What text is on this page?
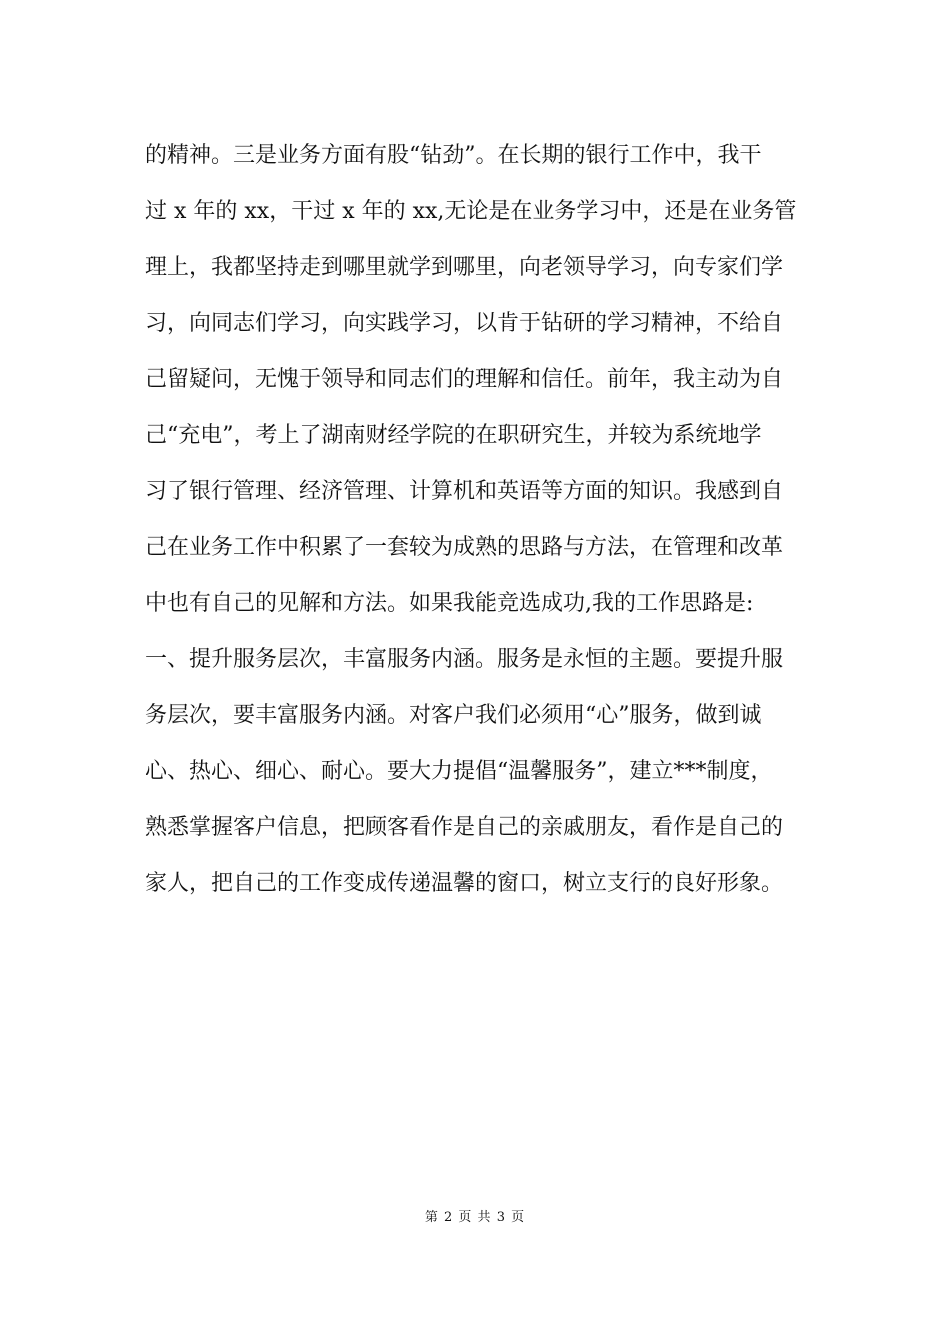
的精神。三是业务方面有股“钻劲”。在长期的银行工作中，我干
过 x 年的 xx，干过 x 年的 xx,无论是在业务学习中，还是在业务管
理上，我都坚持走到哪里就学到哪里，向老领导学习，向专家们学
习，向同志们学习，向实践学习，以肯于钻研的学习精神，不给自
己留疑问，无愧于领导和同志们的理解和信任。前年，我主动为自
己“充电”，考上了湖南财经学院的在职研究生，并较为系统地学
习了银行管理、经济管理、计算机和英语等方面的知识。我感到自
己在业务工作中积累了一套较为成熟的思路与方法，在管理和改革
中也有自己的见解和方法。如果我能竞选成功,我的工作思路是:
一、提升服务层次，丰富服务内涵。服务是永恒的主题。要提升服
务层次，要丰富服务内涵。对客户我们必须用“心”服务，做到诚
心、热心、细心、耐心。要大力提倡“温馨服务”，建立***制度，
熟悉掌握客户信息，把顾客看作是自己的亲戚朋友，看作是自己的
家人，把自己的工作变成传递温馨的窗口，树立支行的良好形象。
第 2 页 共 3 页
